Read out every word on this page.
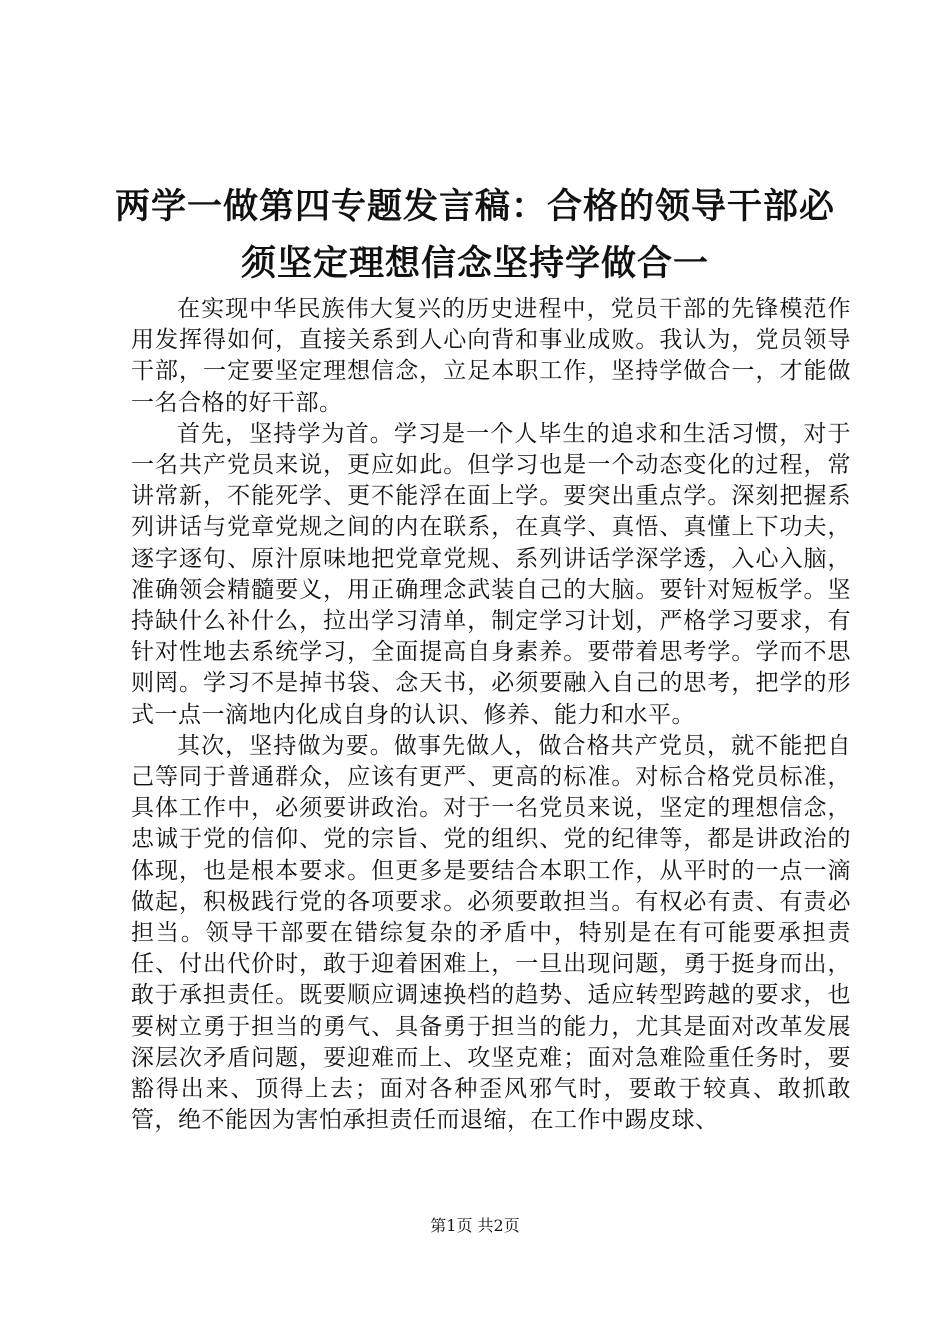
两学一做第四专题发言稿：合格的领导干部必须坚定理想信念坚持学做合一

在实现中华民族伟大复兴的历史进程中，党员干部的先锋模范作用发挥得如何，直接关系到人心向背和事业成败。我认为，党员领导干部，一定要坚定理想信念，立足本职工作，坚持学做合一，才能做一名合格的好干部。

首先，坚持学为首。学习是一个人毕生的追求和生活习惯，对于一名共产党员来说，更应如此。但学习也是一个动态变化的过程，常讲常新，不能死学、更不能浮在面上学。要突出重点学。深刻把握系列讲话与党章党规之间的内在联系，在真学、真悟、真懂上下功夫，逐字逐句、原汁原味地把党章党规、系列讲话学深学透，入心入脑，准确领会精髓要义，用正确理念武装自己的大脑。要针对短板学。坚持缺什么补什么，拉出学习清单，制定学习计划，严格学习要求，有针对性地去系统学习，全面提高自身素养。要带着思考学。学而不思则罔。学习不是掉书袋、念天书，必须要融入自己的思考，把学的形式一点一滴地内化成自身的认识、修养、能力和水平。

其次，坚持做为要。做事先做人，做合格共产党员，就不能把自己等同于普通群众，应该有更严、更高的标准。对标合格党员标准，具体工作中，必须要讲政治。对于一名党员来说，坚定的理想信念，忠诚于党的信仰、党的宗旨、党的组织、党的纪律等，都是讲政治的体现，也是根本要求。但更多是要结合本职工作，从平时的一点一滴做起，积极践行党的各项要求。必须要敢担当。有权必有责、有责必担当。领导干部要在错综复杂的矛盾中，特别是在有可能要承担责任、付出代价时，敢于迎着困难上，一旦出现问题，勇于挺身而出，敢于承担责任。既要顺应调速换档的趋势、适应转型跨越的要求，也要树立勇于担当的勇气、具备勇于担当的能力，尤其是面对改革发展深层次矛盾问题，要迎难而上、攻坚克难；面对急难险重任务时，要豁得出来、顶得上去；面对各种歪风邪气时，要敢于较真、敢抓敢管，绝不能因为害怕承担责任而退缩，在工作中踢皮球、

第1页 共2页
